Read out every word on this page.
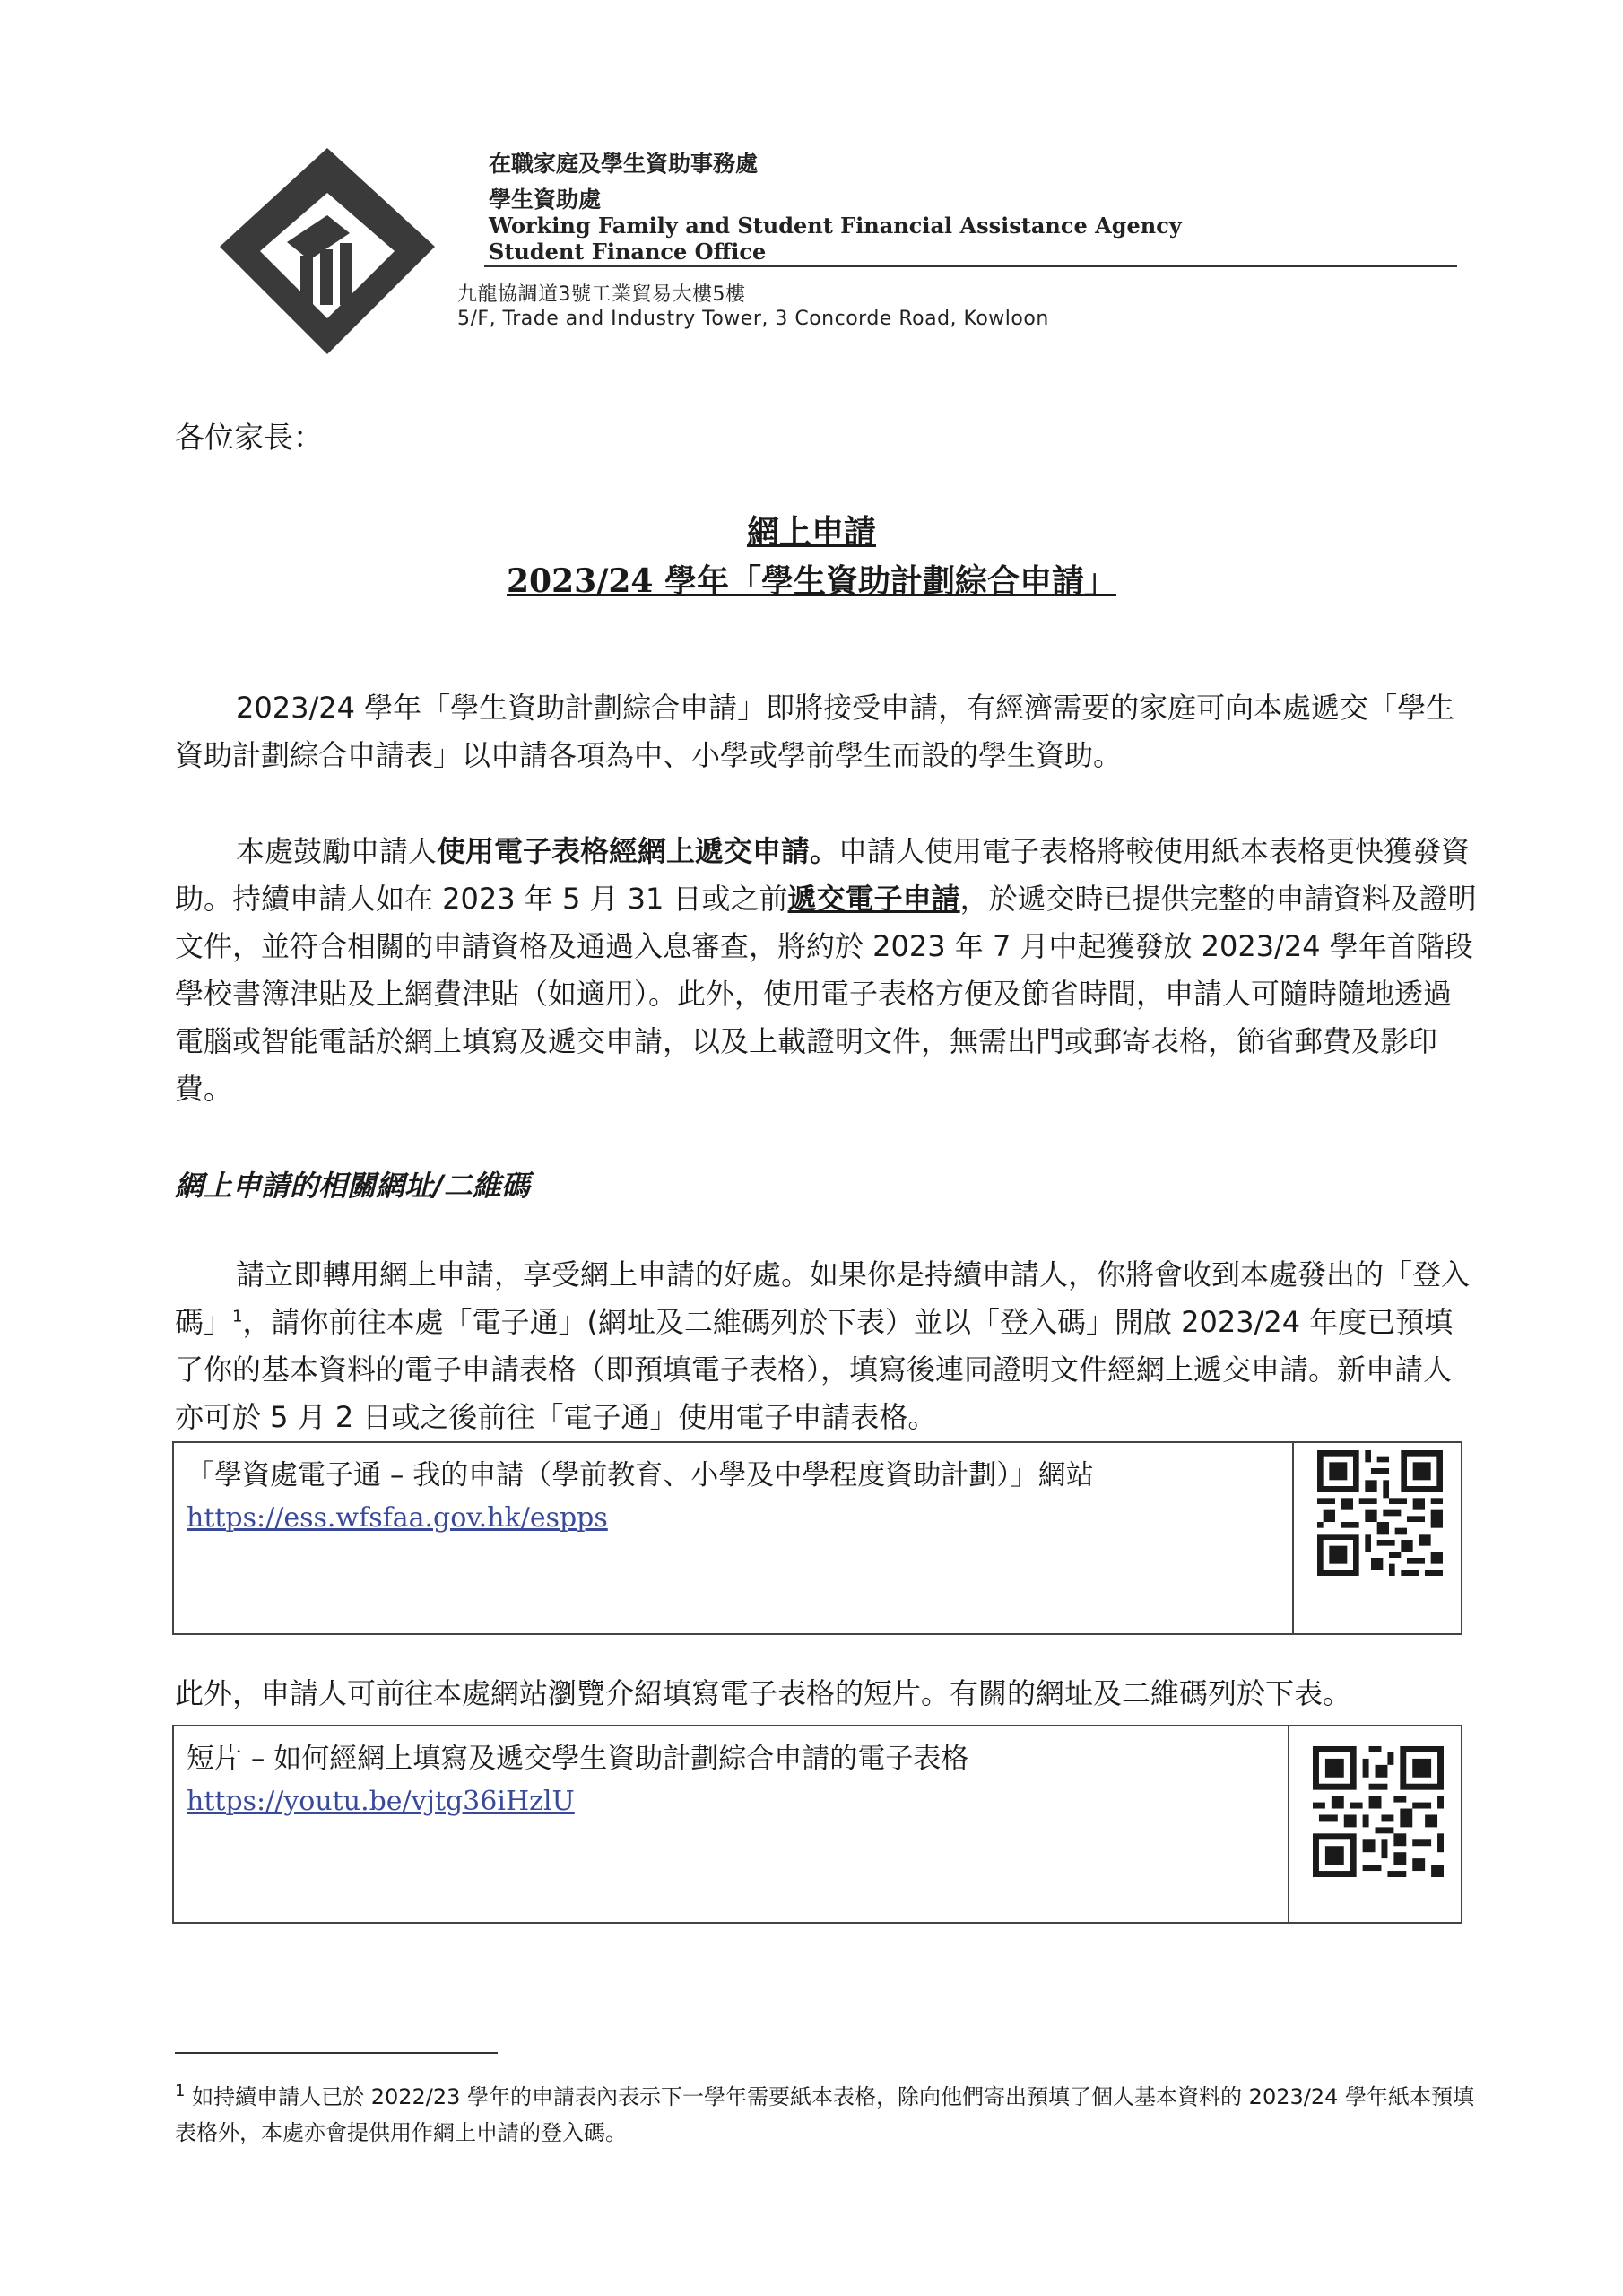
在職家庭及學生資助事務處
學生資助處
Working Family and Student Financial Assistance Agency
Student Finance Office
九龍協調道3號工業貿易大樓5樓
5/F, Trade and Industry Tower, 3 Concorde Road, Kowloon
各位家長：
網上申請
2023/24 學年「學生資助計劃綜合申請」
2023/24 學年「學生資助計劃綜合申請」即將接受申請，有經濟需要的家庭可向本處遞交「學生資助計劃綜合申請表」以申請各項為中、小學或學前學生而設的學生資助。
本處鼓勵申請人使用電子表格經網上遞交申請。申請人使用電子表格將較使用紙本表格更快獲發資助。持續申請人如在 2023 年 5 月 31 日或之前遞交電子申請，於遞交時已提供完整的申請資料及證明文件，並符合相關的申請資格及通過入息審查，將約於 2023 年 7 月中起獲發放 2023/24 學年首階段學校書簿津貼及上網費津貼（如適用）。此外，使用電子表格方便及節省時間，申請人可隨時隨地透過電腦或智能電話於網上填寫及遞交申請，以及上載證明文件，無需出門或郵寄表格，節省郵費及影印費。
網上申請的相關網址/二維碼
請立即轉用網上申請，享受網上申請的好處。如果你是持續申請人，你將會收到本處發出的「登入碼」$^1$，請你前往本處「電子通」(網址及二維碼列於下表）並以「登入碼」開啟 2023/24 年度已預填了你的基本資料的電子申請表格（即預填電子表格），填寫後連同證明文件經網上遞交申請。新申請人亦可於 5 月 2 日或之後前往「電子通」使用電子申請表格。
「學資處電子通 – 我的申請（學前教育、小學及中學程度資助計劃）」網站
https://ess.wfsfaa.gov.hk/espps
此外，申請人可前往本處網站瀏覽介紹填寫電子表格的短片。有關的網址及二維碼列於下表。
短片 – 如何經網上填寫及遞交學生資助計劃綜合申請的電子表格
https://youtu.be/vjtg36iHzlU
$^1$ 如持續申請人已於 2022/23 學年的申請表內表示下一學年需要紙本表格，除向他們寄出預填了個人基本資料的 2023/24 學年紙本預填表格外，本處亦會提供用作網上申請的登入碼。
